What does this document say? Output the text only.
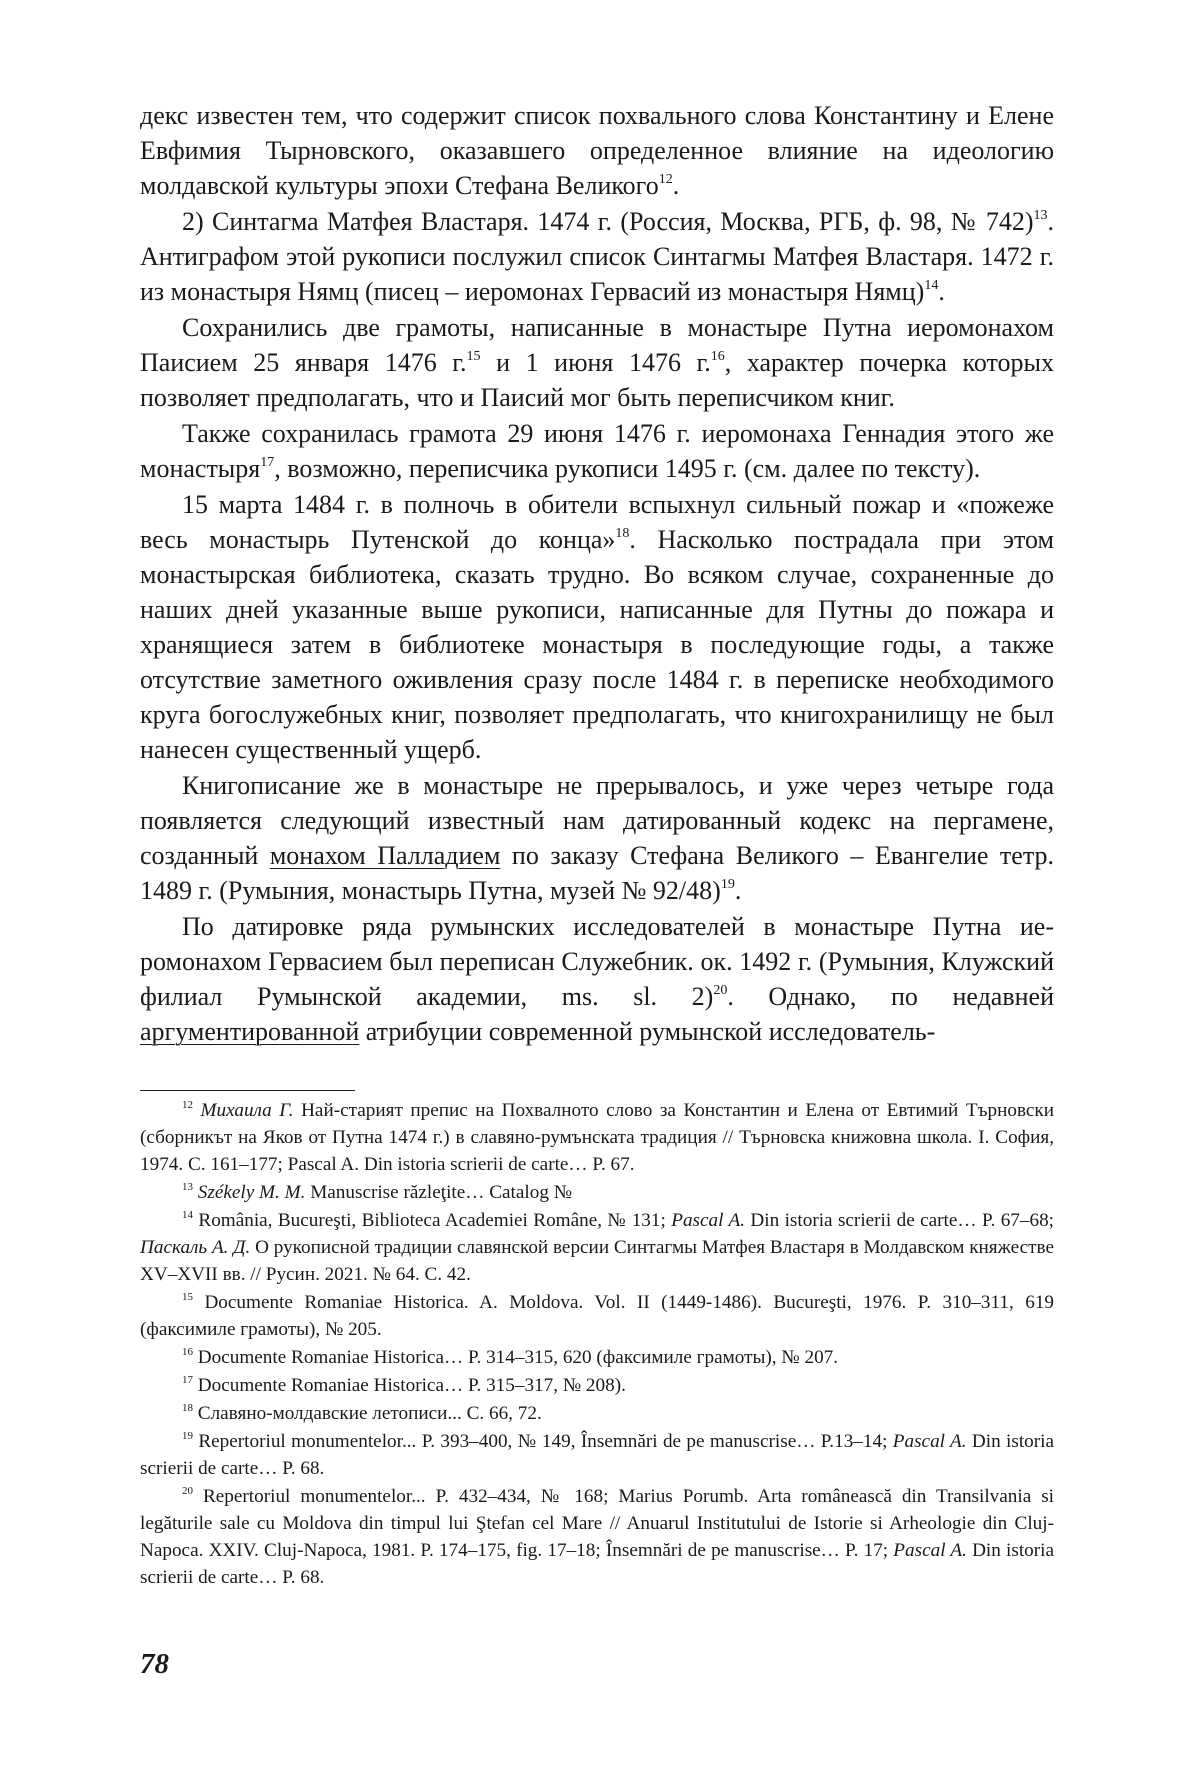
декс известен тем, что содержит список похвального слова Константину и Елене Евфимия Тырновского, оказавшего определенное влияние на идеологию молдавской культуры эпохи Стефана Великого$^{12}$.

2) Синтагма Матфея Властаря. 1474 г. (Россия, Москва, РГБ, ф. 98, № 742)$^{13}$. Антиграфом этой рукописи послужил список Синтагмы Матфея Властаря. 1472 г. из монастыря Нямц (писец – иеромонах Гервасий из монастыря Нямц)$^{14}$.

Сохранились две грамоты, написанные в монастыре Путна иеромонахом Паисием 25 января 1476 г.$^{15}$ и 1 июня 1476 г.$^{16}$, характер почерка которых позволяет предполагать, что и Паисий мог быть переписчиком книг.

Также сохранилась грамота 29 июня 1476 г. иеромонаха Геннадия этого же монастыря$^{17}$, возможно, переписчика рукописи 1495 г. (см. далее по тексту).

15 марта 1484 г. в полночь в обители вспыхнул сильный пожар и «пожеже весь монастырь Путенской до конца»$^{18}$. Насколько пострадала при этом монастырская библиотека, сказать трудно. Во всяком случае, сохраненные до наших дней указанные выше рукописи, написанные для Путны до пожара и хранящиеся затем в библиотеке монастыря в последующие годы, а также отсутствие заметного оживления сразу после 1484 г. в переписке необходимого круга богослужебных книг, позволяет предполагать, что книгохранилищу не был нанесен существенный ущерб.

Книгописание же в монастыре не прерывалось, и уже через четыре года появляется следующий известный нам датированный кодекс на пергамене, созданный монахом Палладием по заказу Стефана Великого – Евангелие тетр. 1489 г. (Румыния, монастырь Путна, музей № 92/48)$^{19}$.

По датировке ряда румынских исследователей в монастыре Путна иеромонахом Гервасием был переписан Служебник. ок. 1492 г. (Румыния, Клужский филиал Румынской академии, ms. sl. 2)$^{20}$. Однако, по недавней аргументированной атрибуции современной румынской исследователь-

$^{12}$ Михаила Г. Най-старият препис на Похвалното слово за Константин и Елена от Евтимий Търновски (сборникът на Яков от Путна 1474 г.) в славяно-румънската традиция // Търновска книжовна школа. I. София, 1974. С. 161–177; Pascal A. Din istoria scrierii de carte… P. 67.

$^{13}$ Székely M. M. Manuscrise răzleţite… Catalog №

$^{14}$ România, Bucureşti, Biblioteca Academiei Române, № 131; Pascal A. Din istoria scrierii de carte… P. 67–68; Паскаль А. Д. О рукописной традиции славянской версии Синтагмы Матфея Властаря в Молдавском княжестве XV–XVII вв. // Русин. 2021. № 64. С. 42.

$^{15}$ Documente Romaniae Historica. A. Moldova. Vol. II (1449-1486). Bucureşti, 1976. P. 310–311, 619 (факсимиле грамоты), № 205.

$^{16}$ Documente Romaniae Historica… P. 314–315, 620 (факсимиле грамоты), № 207.

$^{17}$ Documente Romaniae Historica… P. 315–317, № 208).

$^{18}$ Славяно-молдавские летописи... С. 66, 72.

$^{19}$ Repertoriul monumentelor... P. 393–400, № 149, Însemnări de pe manuscrise… P.13–14; Pascal A. Din istoria scrierii de carte… P. 68.

$^{20}$ Repertoriul monumentelor... P. 432–434, № 168; Marius Porumb. Arta românească din Transilvania si legăturile sale cu Moldova din timpul lui Ştefan cel Mare // Anuarul Institutului de Istorie si Arheologie din Cluj-Napoca. XXIV. Cluj-Napoca, 1981. P. 174–175, fig. 17–18; Însemnări de pe manuscrise… P. 17; Pascal A. Din istoria scrierii de carte… P. 68.

78
